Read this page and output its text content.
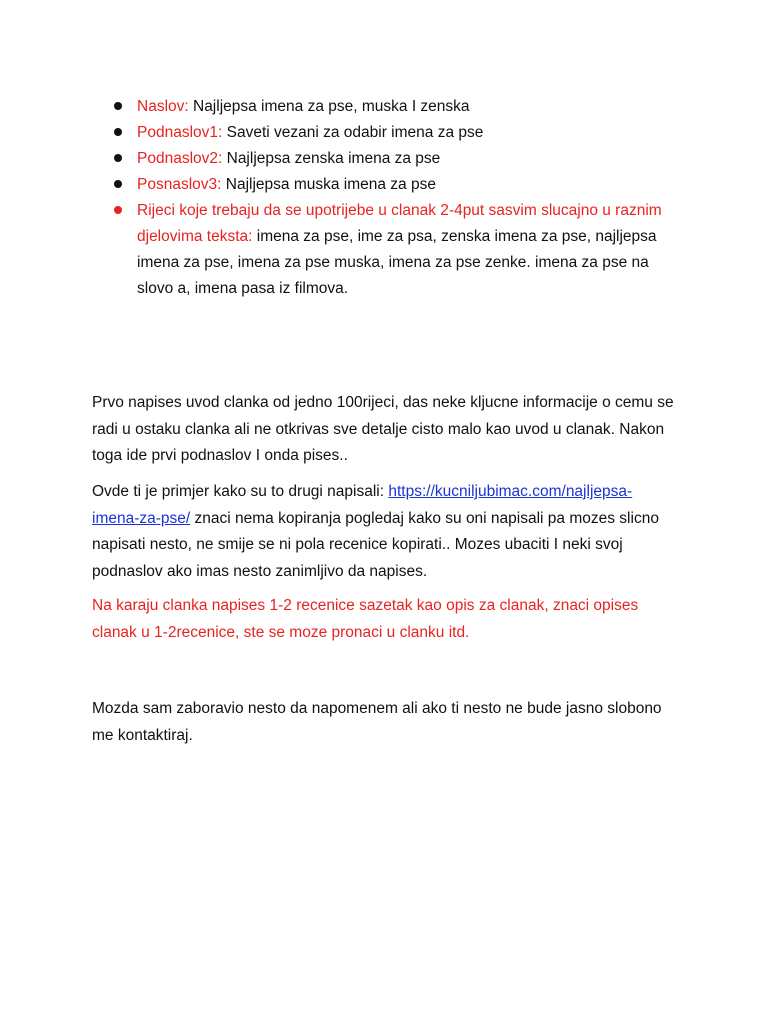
Naslov: Najljepsa imena za pse, muska I zenska
Podnaslov1: Saveti vezani za odabir imena za pse
Podnaslov2: Najljepsa zenska imena za pse
Posnaslov3: Najljepsa muska imena za pse
Rijeci koje trebaju da se upotrijebe u clanak 2-4put sasvim slucajno u raznim djelovima teksta: imena za pse, ime za psa, zenska imena za pse, najljepsa imena za pse, imena za pse muska, imena za pse zenke. imena za pse na slovo a, imena pasa iz filmova.

Prvo napises uvod clanka od jedno 100rijeci, das neke kljucne informacije o cemu se radi u ostaku clanka ali ne otkrivas sve detalje cisto malo kao uvod u clanak. Nakon toga ide prvi podnaslov I onda pises..

Ovde ti je primjer kako su to drugi napisali: https://kucniljubimac.com/najljepsa-imena-za-pse/ znaci nema kopiranja pogledaj kako su oni napisali pa mozes slicno napisati nesto, ne smije se ni pola recenice kopirati.. Mozes ubaciti I neki svoj podnaslov ako imas nesto zanimljivo da napises.

Na karaju clanka napises 1-2 recenice sazetak kao opis za clanak, znaci opises clanak u 1-2recenice, ste se moze pronaci u clanku itd.

Mozda sam zaboravio nesto da napomenem ali ako ti nesto ne bude jasno slobono me kontaktiraj.
